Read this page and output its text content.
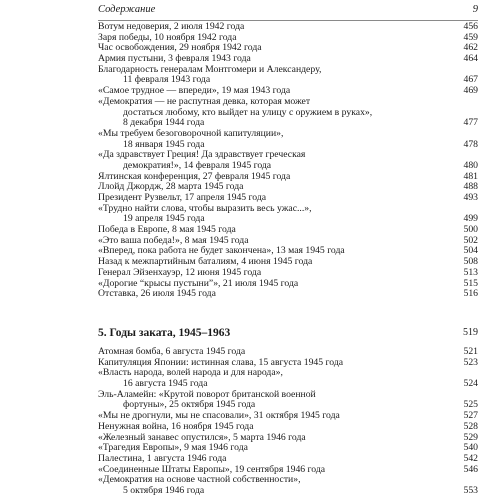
Содержание	9
Вотум недоверия, 2 июля 1942 года	456
Заря победы, 10 ноября 1942 года	459
Час освобождения, 29 ноября 1942 года	462
Армия пустыни, 3 февраля 1943 года	464
Благодарность генералам Монтгомери и Александеру,
11 февраля 1943 года	467
«Самое трудное — впереди», 19 мая 1943 года	469
«Демократия — не распутная девка, которая может
достаться любому, кто выйдет на улицу с оружием в руках»,
8 декабря 1944 года	477
«Мы требуем безоговорочной капитуляции»,
18 января 1945 года	478
«Да здравствует Греция! Да здравствует греческая
демократия!», 14 февраля 1945 года	480
Ялтинская конференция, 27 февраля 1945 года	481
Ллойд Джордж, 28 марта 1945 года	488
Президент Рузвельт, 17 апреля 1945 года	493
«Трудно найти слова, чтобы выразить весь ужас...»,
19 апреля 1945 года	499
Победа в Европе, 8 мая 1945 года	500
«Это ваша победа!», 8 мая 1945 года	502
«Вперед, пока работа не будет закончена», 13 мая 1945 года	504
Назад к межпартийным баталиям, 4 июня 1945 года	508
Генерал Эйзенхауэр, 12 июня 1945 года	513
«Дорогие “крысы пустыни”», 21 июля 1945 года	515
Отставка, 26 июля 1945 года	516
5. Годы заката, 1945–1963	519
Атомная бомба, 6 августа 1945 года	521
Капитуляция Японии: истинная слава, 15 августа 1945 года	523
«Власть народа, волей народа и для народа»,
16 августа 1945 года	524
Эль-Аламейн: «Крутой поворот британской военной
фортуны», 25 октября 1945 года	525
«Мы не дрогнули, мы не спасовали», 31 октября 1945 года	527
Ненужная война, 16 ноября 1945 года	528
«Железный занавес опустился», 5 марта 1946 года	529
«Трагедия Европы», 9 мая 1946 года	540
Палестина, 1 августа 1946 года	542
«Соединенные Штаты Европы», 19 сентября 1946 года	546
«Демократия на основе частной собственности»,
5 октября 1946 года	553
